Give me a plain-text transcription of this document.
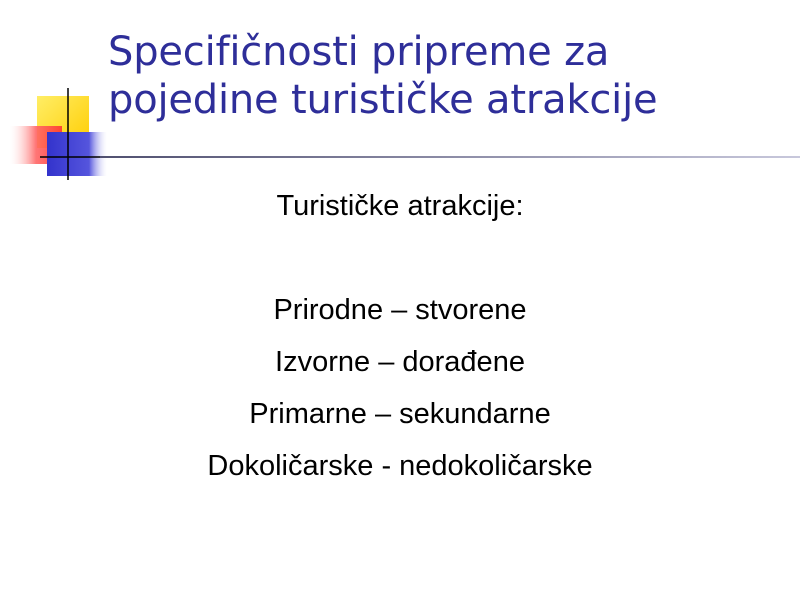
Specifičnosti pripreme za
pojedine turističke atrakcije
Turističke atrakcije:
Prirodne – stvorene
Izvorne – dorađene
Primarne – sekundarne
Dokoličarske - nedokoličarske
